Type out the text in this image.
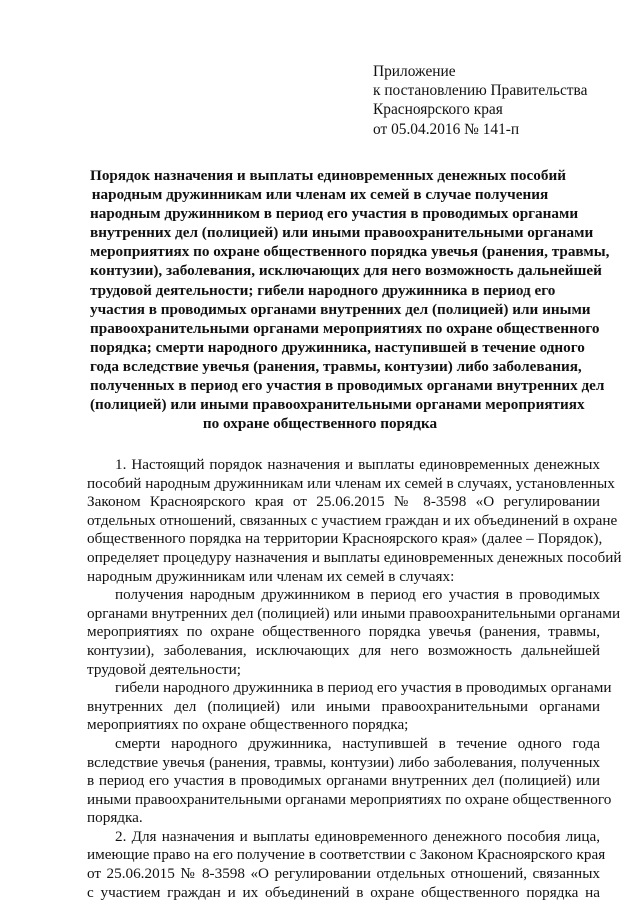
Приложение
к постановлению Правительства
Красноярского края
от 05.04.2016 № 141-п
Порядок назначения и выплаты единовременных денежных пособий
народным дружинникам или членам их семей в случае получения
народным дружинником в период его участия в проводимых органами
внутренних дел (полицией) или иными правоохранительными органами
мероприятиях по охране общественного порядка увечья (ранения, травмы,
контузии), заболевания, исключающих для него возможность дальнейшей
трудовой деятельности; гибели народного дружинника в период его
участия в проводимых органами внутренних дел (полицией) или иными
правоохранительными органами мероприятиях по охране общественного
порядка; смерти народного дружинника, наступившей в течение одного
года вследствие увечья (ранения, травмы, контузии) либо заболевания,
полученных в период его участия в проводимых органами внутренних дел
(полицией) или иными правоохранительными органами мероприятиях
по охране общественного порядка
1. Настоящий порядок назначения и выплаты единовременных денежных
пособий народным дружинникам или членам их семей в случаях, установленных
Законом Красноярского края от 25.06.2015 № 8-3598 «О регулировании
отдельных отношений, связанных с участием граждан и их объединений в охране
общественного порядка на территории Красноярского края» (далее – Порядок),
определяет процедуру назначения и выплаты единовременных денежных пособий
народным дружинникам или членам их семей в случаях:
получения народным дружинником в период его участия в проводимых
органами внутренних дел (полицией) или иными правоохранительными органами
мероприятиях по охране общественного порядка увечья (ранения, травмы,
контузии), заболевания, исключающих для него возможность дальнейшей
трудовой деятельности;
гибели народного дружинника в период его участия в проводимых органами
внутренних дел (полицией) или иными правоохранительными органами
мероприятиях по охране общественного порядка;
смерти народного дружинника, наступившей в течение одного года
вследствие увечья (ранения, травмы, контузии) либо заболевания, полученных
в период его участия в проводимых органами внутренних дел (полицией) или
иными правоохранительными органами мероприятиях по охране общественного
порядка.
2. Для назначения и выплаты единовременного денежного пособия лица,
имеющие право на его получение в соответствии с Законом Красноярского края
от 25.06.2015 № 8-3598 «О регулировании отдельных отношений, связанных
с участием граждан и их объединений в охране общественного порядка на
